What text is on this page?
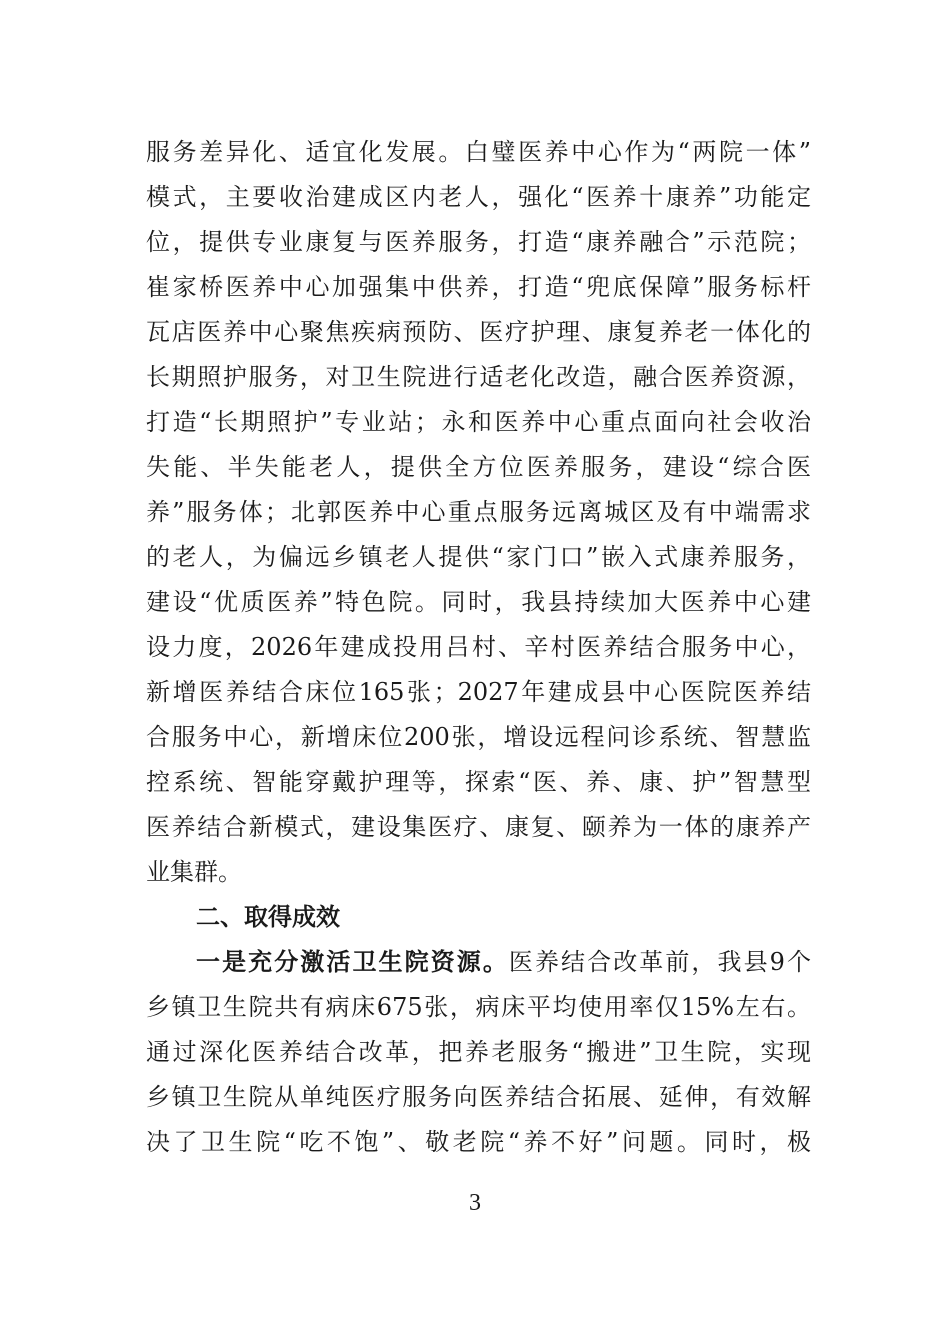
服务差异化、适宜化发展。白璧医养中心作为“两院一体”
模式，主要收治建成区内老人，强化“医养十康养”功能定
位，提供专业康复与医养服务，打造“康养融合”示范院；
崔家桥医养中心加强集中供养，打造“兜底保障”服务标杆
瓦店医养中心聚焦疾病预防、医疗护理、康复养老一体化的
长期照护服务，对卫生院进行适老化改造，融合医养资源，
打造“长期照护”专业站；永和医养中心重点面向社会收治
失能、半失能老人，提供全方位医养服务，建设“综合医
养”服务体；北郭医养中心重点服务远离城区及有中端需求
的老人，为偏远乡镇老人提供“家门口”嵌入式康养服务，
建设“优质医养”特色院。同时，我县持续加大医养中心建
设力度，2026年建成投用吕村、辛村医养结合服务中心，
新增医养结合床位165张；2027年建成县中心医院医养结
合服务中心，新增床位200张，增设远程问诊系统、智慧监
控系统、智能穿戴护理等，探索“医、养、康、护”智慧型
医养结合新模式，建设集医疗、康复、颐养为一体的康养产
业集群。
二、取得成效
一是充分激活卫生院资源。医养结合改革前，我县9个
乡镇卫生院共有病床675张，病床平均使用率仅15%左右。
通过深化医养结合改革，把养老服务“搬进”卫生院，实现
乡镇卫生院从单纯医疗服务向医养结合拓展、延伸，有效解
决了卫生院“吃不饱”、敬老院“养不好”问题。同时，极
3
